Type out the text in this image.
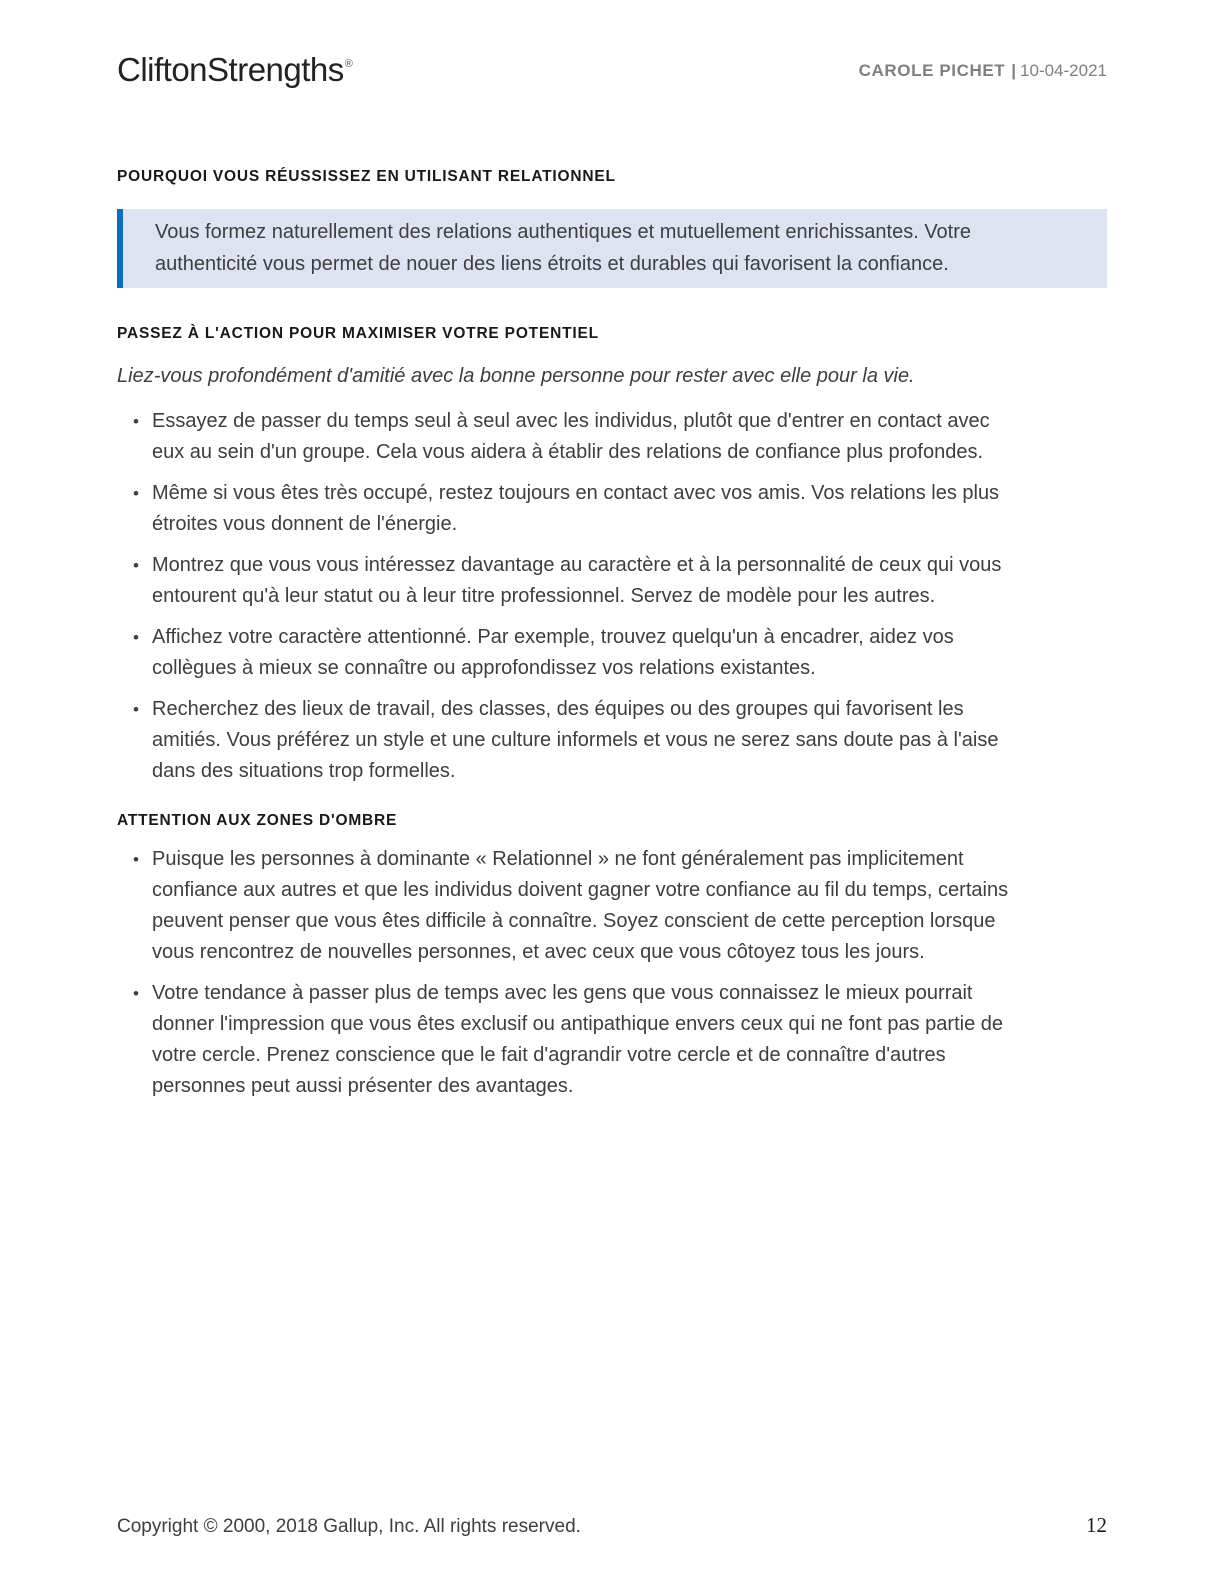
CliftonStrengths®	CAROLE PICHET | 10-04-2021
POURQUOI VOUS RÉUSSISSEZ EN UTILISANT RELATIONNEL
Vous formez naturellement des relations authentiques et mutuellement enrichissantes. Votre authenticité vous permet de nouer des liens étroits et durables qui favorisent la confiance.
PASSEZ À L'ACTION POUR MAXIMISER VOTRE POTENTIEL

Liez-vous profondément d'amitié avec la bonne personne pour rester avec elle pour la vie.

• Essayez de passer du temps seul à seul avec les individus, plutôt que d'entrer en contact avec eux au sein d'un groupe. Cela vous aidera à établir des relations de confiance plus profondes.
• Même si vous êtes très occupé, restez toujours en contact avec vos amis. Vos relations les plus étroites vous donnent de l'énergie.
• Montrez que vous vous intéressez davantage au caractère et à la personnalité de ceux qui vous entourent qu'à leur statut ou à leur titre professionnel. Servez de modèle pour les autres.
• Affichez votre caractère attentionné. Par exemple, trouvez quelqu'un à encadrer, aidez vos collègues à mieux se connaître ou approfondissez vos relations existantes.
• Recherchez des lieux de travail, des classes, des équipes ou des groupes qui favorisent les amitiés. Vous préférez un style et une culture informels et vous ne serez sans doute pas à l'aise dans des situations trop formelles.
ATTENTION AUX ZONES D'OMBRE
• Puisque les personnes à dominante « Relationnel » ne font généralement pas implicitement confiance aux autres et que les individus doivent gagner votre confiance au fil du temps, certains peuvent penser que vous êtes difficile à connaître. Soyez conscient de cette perception lorsque vous rencontrez de nouvelles personnes, et avec ceux que vous côtoyez tous les jours.
• Votre tendance à passer plus de temps avec les gens que vous connaissez le mieux pourrait donner l'impression que vous êtes exclusif ou antipathique envers ceux qui ne font pas partie de votre cercle. Prenez conscience que le fait d'agrandir votre cercle et de connaître d'autres personnes peut aussi présenter des avantages.
Copyright © 2000, 2018 Gallup, Inc. All rights reserved.	12
